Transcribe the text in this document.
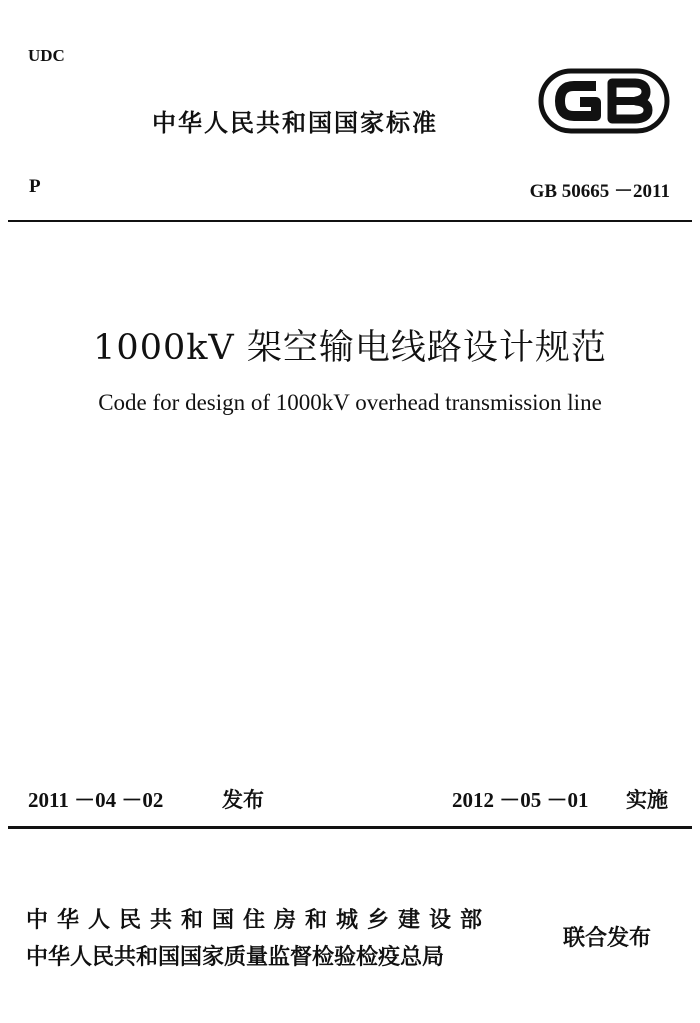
UDC
中华人民共和国国家标准
P	GB 50665 －2011
1000kV 架空输电线路设计规范
Code for design of 1000kV overhead transmission line
2011 －04 －02	发布	2012 －05 －01 实施
中华人民共和国住房和城乡建设部
中华人民共和国国家质量监督检验检疫总局
联合发布
